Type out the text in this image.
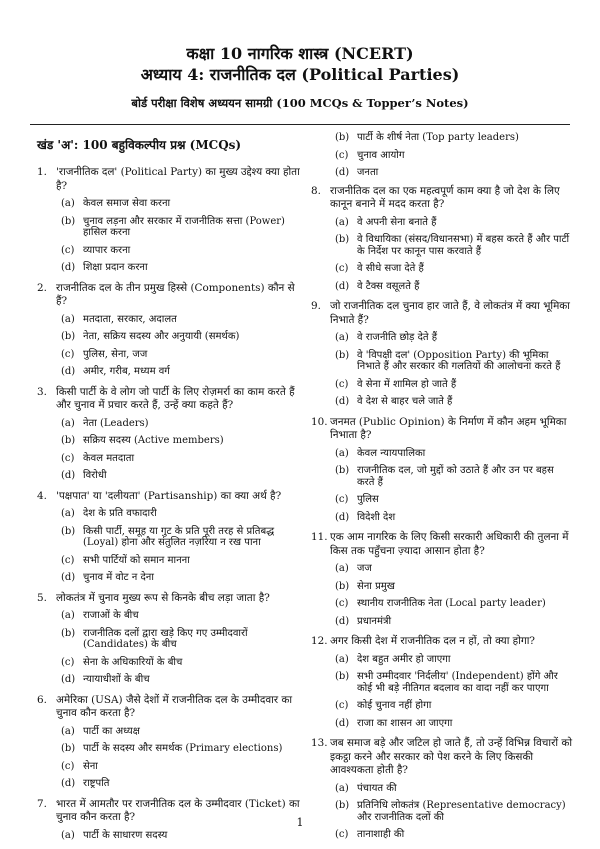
कक्षा 10 नागरिक शास्त्र (NCERT)
अध्याय 4: राजनीतिक दल (Political Parties)
बोर्ड परीक्षा विशेष अध्ययन सामग्री (100 MCQs & Topper’s Notes)
खंड 'अ': 100 बहुविकल्पीय प्रश्न (MCQs)
1. 'राजनीतिक दल' (Political Party) का मुख्य उद्देश्य क्या होता है?
(a) केवल समाज सेवा करना
(b) चुनाव लड़ना और सरकार में राजनीतिक सत्ता (Power) हासिल करना
(c) व्यापार करना
(d) शिक्षा प्रदान करना
2. राजनीतिक दल के तीन प्रमुख हिस्से (Components) कौन से हैं?
(a) मतदाता, सरकार, अदालत
(b) नेता, सक्रिय सदस्य और अनुयायी (समर्थक)
(c) पुलिस, सेना, जज
(d) अमीर, गरीब, मध्यम वर्ग
3. किसी पार्टी के वे लोग जो पार्टी के लिए रोज़मर्रा का काम करते हैं और चुनाव में प्रचार करते हैं, उन्हें क्या कहते हैं?
(a) नेता (Leaders)
(b) सक्रिय सदस्य (Active members)
(c) केवल मतदाता
(d) विरोधी
4. 'पक्षपात' या 'दलीयता' (Partisanship) का क्या अर्थ है?
(a) देश के प्रति वफादारी
(b) किसी पार्टी, समूह या गुट के प्रति पूरी तरह से प्रतिबद्ध (Loyal) होना और संतुलित नज़रिया न रख पाना
(c) सभी पार्टियों को समान मानना
(d) चुनाव में वोट न देना
5. लोकतंत्र में चुनाव मुख्य रूप से किनके बीच लड़ा जाता है?
(a) राजाओं के बीच
(b) राजनीतिक दलों द्वारा खड़े किए गए उम्मीदवारों (Candidates) के बीच
(c) सेना के अधिकारियों के बीच
(d) न्यायाधीशों के बीच
6. अमेरिका (USA) जैसे देशों में राजनीतिक दल के उम्मीदवार का चुनाव कौन करता है?
(a) पार्टी का अध्यक्ष
(b) पार्टी के सदस्य और समर्थक (Primary elections)
(c) सेना
(d) राष्ट्रपति
7. भारत में आमतौर पर राजनीतिक दल के उम्मीदवार (Ticket) का चुनाव कौन करता है?
(a) पार्टी के साधारण सदस्य
(b) पार्टी के शीर्ष नेता (Top party leaders)
(c) चुनाव आयोग
(d) जनता
8. राजनीतिक दल का एक महत्वपूर्ण काम क्या है जो देश के लिए कानून बनाने में मदद करता है?
(a) वे अपनी सेना बनाते हैं
(b) वे विधायिका (संसद/विधानसभा) में बहस करते हैं और पार्टी के निर्देश पर कानून पास करवाते हैं
(c) वे सीधे सजा देते हैं
(d) वे टैक्स वसूलते हैं
9. जो राजनीतिक दल चुनाव हार जाते हैं, वे लोकतंत्र में क्या भूमिका निभाते हैं?
(a) वे राजनीति छोड़ देते हैं
(b) वे 'विपक्षी दल' (Opposition Party) की भूमिका निभाते हैं और सरकार की गलतियों की आलोचना करते हैं
(c) वे सेना में शामिल हो जाते हैं
(d) वे देश से बाहर चले जाते हैं
10. जनमत (Public Opinion) के निर्माण में कौन अहम भूमिका निभाता है?
(a) केवल न्यायपालिका
(b) राजनीतिक दल, जो मुद्दों को उठाते हैं और उन पर बहस करते हैं
(c) पुलिस
(d) विदेशी देश
11. एक आम नागरिक के लिए किसी सरकारी अधिकारी की तुलना में किस तक पहुँचना ज़्यादा आसान होता है?
(a) जज
(b) सेना प्रमुख
(c) स्थानीय राजनीतिक नेता (Local party leader)
(d) प्रधानमंत्री
12. अगर किसी देश में राजनीतिक दल न हों, तो क्या होगा?
(a) देश बहुत अमीर हो जाएगा
(b) सभी उम्मीदवार 'निर्दलीय' (Independent) होंगे और कोई भी बड़े नीतिगत बदलाव का वादा नहीं कर पाएगा
(c) कोई चुनाव नहीं होगा
(d) राजा का शासन आ जाएगा
13. जब समाज बड़े और जटिल हो जाते हैं, तो उन्हें विभिन्न विचारों को इकट्ठा करने और सरकार को पेश करने के लिए किसकी आवश्यकता होती है?
(a) पंचायत की
(b) प्रतिनिधि लोकतंत्र (Representative democracy) और राजनीतिक दलों की
(c) तानाशाही की
1
